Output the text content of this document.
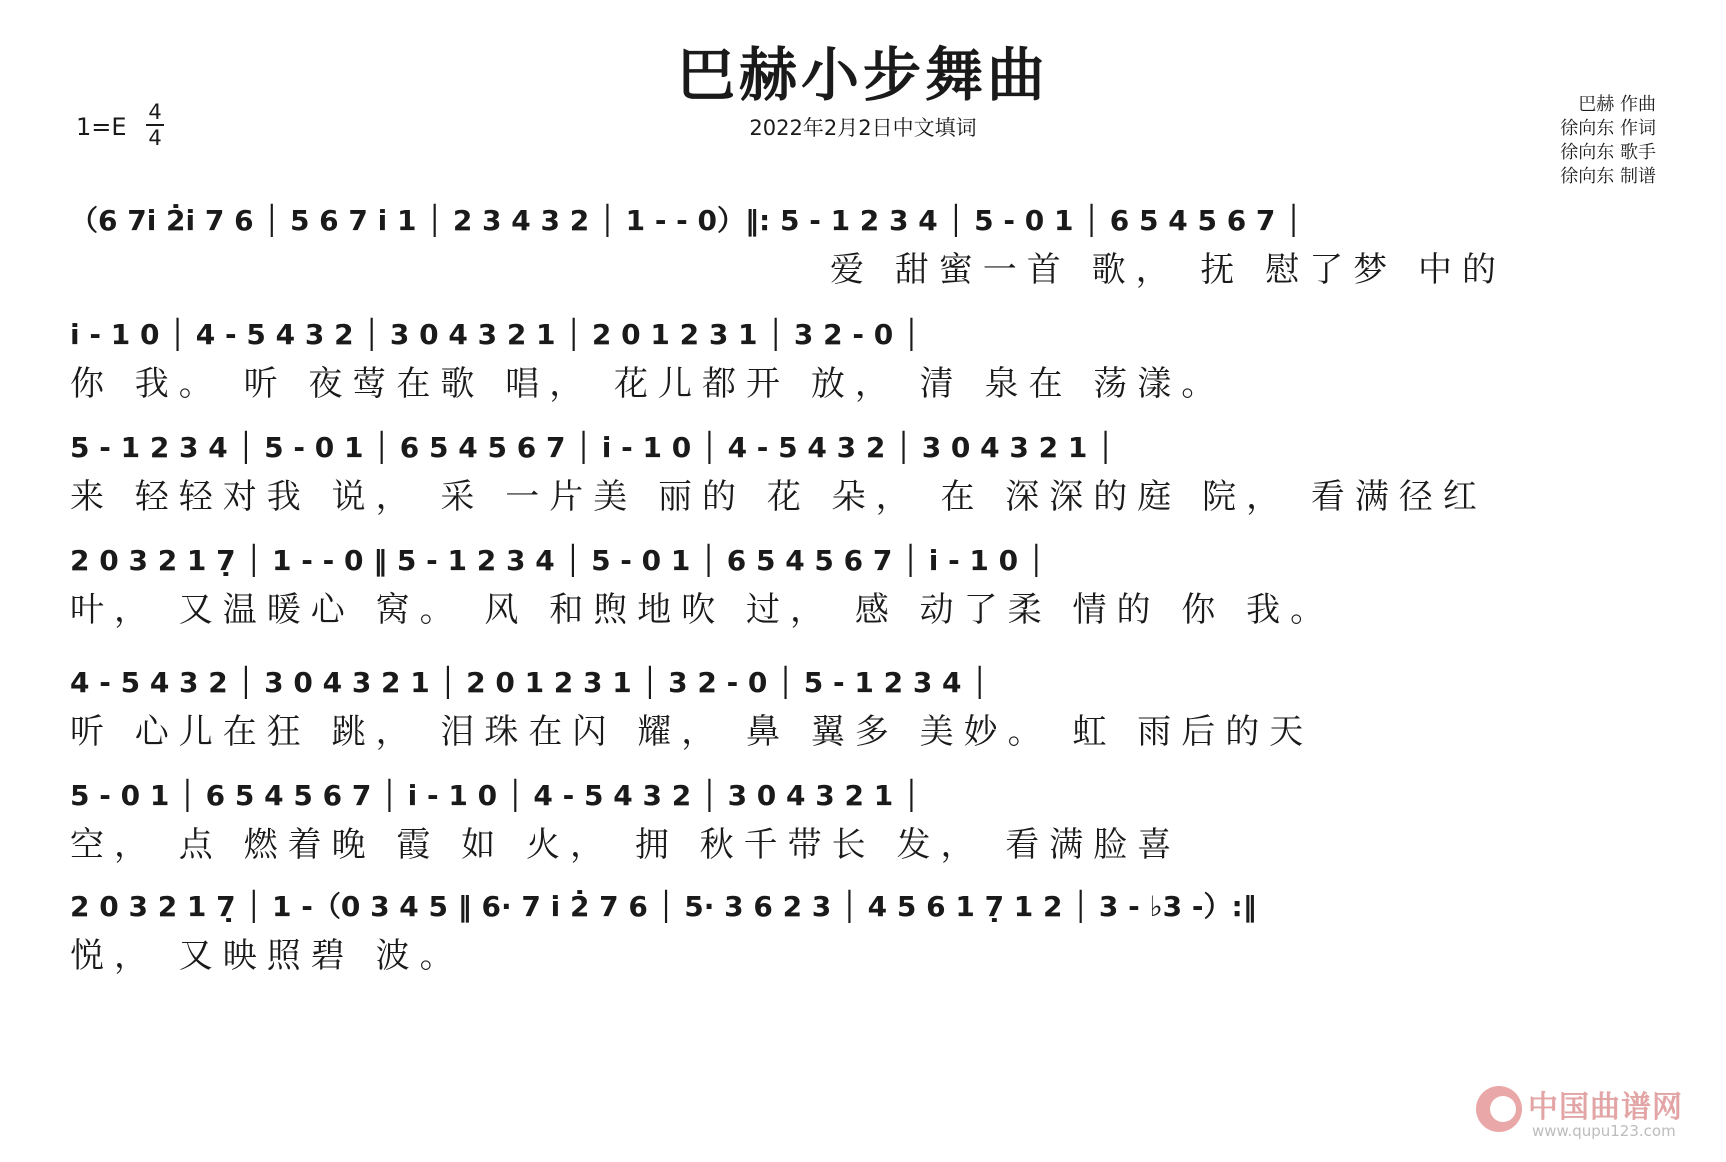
巴赫小步舞曲
2022年2月2日中文填词
1=E
4
4
巴赫 作曲
徐向东 作词
徐向东 歌手
徐向东 制谱
（6 7i̇ 2̇i̇ 7 6 │ 5 6 7 i̇ 1 │ 2 3 4 3 2 │ 1 - - 0）‖: 5 - 1 2 3 4 │ 5 - 0 1 │ 6 5 4 5 6 7 │
爱 甜蜜一首 歌， 抚 慰了梦 中的
i̇ - 1 0 │ 4 - 5 4 3 2 │ 3 0 4 3 2 1 │ 2 0 1 2 3 1 │ 3 2 - 0 │
你 我。 听 夜莺在歌 唱， 花儿都开 放， 清 泉在 荡漾。
5 - 1 2 3 4 │ 5 - 0 1 │ 6 5 4 5 6 7 │ i̇ - 1 0 │ 4 - 5 4 3 2 │ 3 0 4 3 2 1 │
来 轻轻对我 说， 采 一片美 丽的 花 朵， 在 深深的庭 院， 看满径红
2 0 3 2 1 7̣ │ 1 - - 0 ‖ 5 - 1 2 3 4 │ 5 - 0 1 │ 6 5 4 5 6 7 │ i̇ - 1 0 │
叶， 又温暖心 窝。 风 和煦地吹 过， 感 动了柔 情的 你 我。
4 - 5 4 3 2 │ 3 0 4 3 2 1 │ 2 0 1 2 3 1 │ 3 2 - 0 │ 5 - 1 2 3 4 │
听 心儿在狂 跳， 泪珠在闪 耀， 鼻 翼多 美妙。 虹 雨后的天
5 - 0 1 │ 6 5 4 5 6 7 │ i̇ - 1 0 │ 4 - 5 4 3 2 │ 3 0 4 3 2 1 │
空， 点 燃着晚 霞 如 火， 拥 秋千带长 发， 看满脸喜
2 0 3 2 1 7̣ │ 1 -（0 3 4 5 ‖ 6· 7 i̇ 2̇ 7 6 │ 5· 3 6 2 3 │ 4 5 6 1 7̣ 1 2 │ 3 - ♭3 -）:‖
悦， 又映照碧 波。
中国曲谱网
www.qupu123.com
